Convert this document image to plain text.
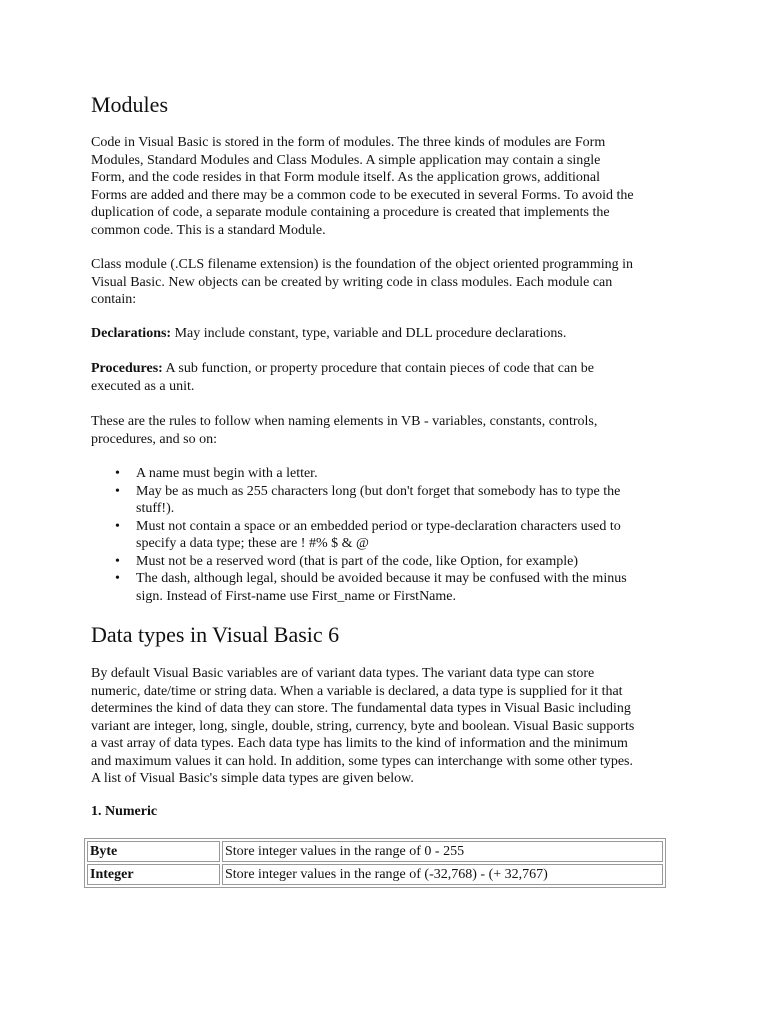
Modules

Code in Visual Basic is stored in the form of modules. The three kinds of modules are Form
Modules, Standard Modules and Class Modules. A simple application may contain a single
Form, and the code resides in that Form module itself. As the application grows, additional
Forms are added and there may be a common code to be executed in several Forms. To avoid the
duplication of code, a separate module containing a procedure is created that implements the
common code. This is a standard Module.

Class module (.CLS filename extension) is the foundation of the object oriented programming in
Visual Basic. New objects can be created by writing code in class modules. Each module can
contain:

Declarations: May include constant, type, variable and DLL procedure declarations.

Procedures: A sub function, or property procedure that contain pieces of code that can be
executed as a unit.

These are the rules to follow when naming elements in VB - variables, constants, controls,
procedures, and so on:

• A name must begin with a letter.
• May be as much as 255 characters long (but don't forget that somebody has to type the
stuff!).
• Must not contain a space or an embedded period or type-declaration characters used to
specify a data type; these are ! #% $ & @
• Must not be a reserved word (that is part of the code, like Option, for example)
• The dash, although legal, should be avoided because it may be confused with the minus
sign. Instead of First-name use First_name or FirstName.
Data types in Visual Basic 6

By default Visual Basic variables are of variant data types. The variant data type can store
numeric, date/time or string data. When a variable is declared, a data type is supplied for it that
determines the kind of data they can store. The fundamental data types in Visual Basic including
variant are integer, long, single, double, string, currency, byte and boolean. Visual Basic supports
a vast array of data types. Each data type has limits to the kind of information and the minimum
and maximum values it can hold. In addition, some types can interchange with some other types.
A list of Visual Basic's simple data types are given below.

1. Numeric
Byte	Store integer values in the range of 0 - 255
Integer	Store integer values in the range of (-32,768) - (+ 32,767)
